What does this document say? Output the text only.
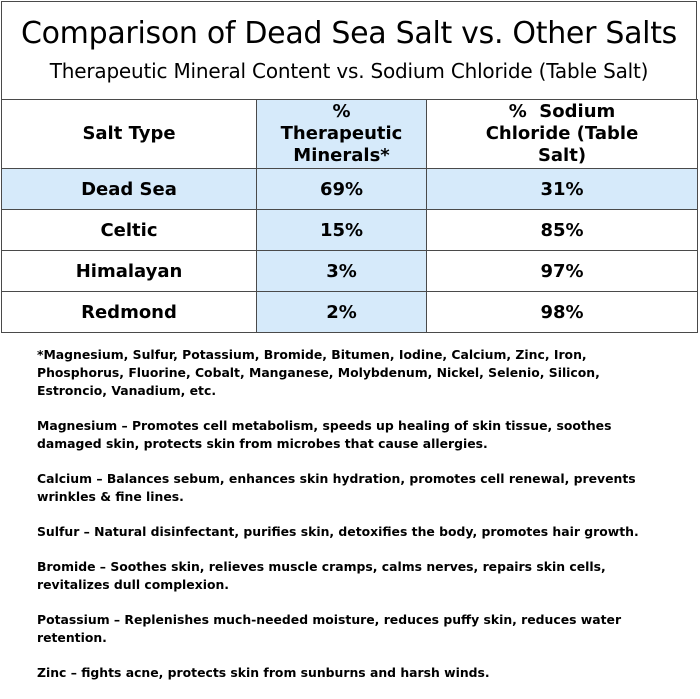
Comparison of Dead Sea Salt vs. Other Salts
Therapeutic Mineral Content vs. Sodium Chloride (Table Salt)
Salt Type	% Therapeutic Minerals*	%  Sodium Chloride (Table Salt)
Dead Sea	69%	31%
Celtic	15%	85%
Himalayan	3%	97%
Redmond	2%	98%

*Magnesium, Sulfur, Potassium, Bromide, Bitumen, Iodine, Calcium, Zinc, Iron, Phosphorus, Fluorine, Cobalt, Manganese, Molybdenum, Nickel, Selenio, Silicon, Estroncio, Vanadium, etc.

Magnesium – Promotes cell metabolism, speeds up healing of skin tissue, soothes damaged skin, protects skin from microbes that cause allergies.

Calcium – Balances sebum, enhances skin hydration, promotes cell renewal, prevents wrinkles & fine lines.

Sulfur – Natural disinfectant, purifies skin, detoxifies the body, promotes hair growth.

Bromide – Soothes skin, relieves muscle cramps, calms nerves, repairs skin cells, revitalizes dull complexion.

Potassium – Replenishes much-needed moisture, reduces puffy skin, reduces water retention.

Zinc – fights acne, protects skin from sunburns and harsh winds.
